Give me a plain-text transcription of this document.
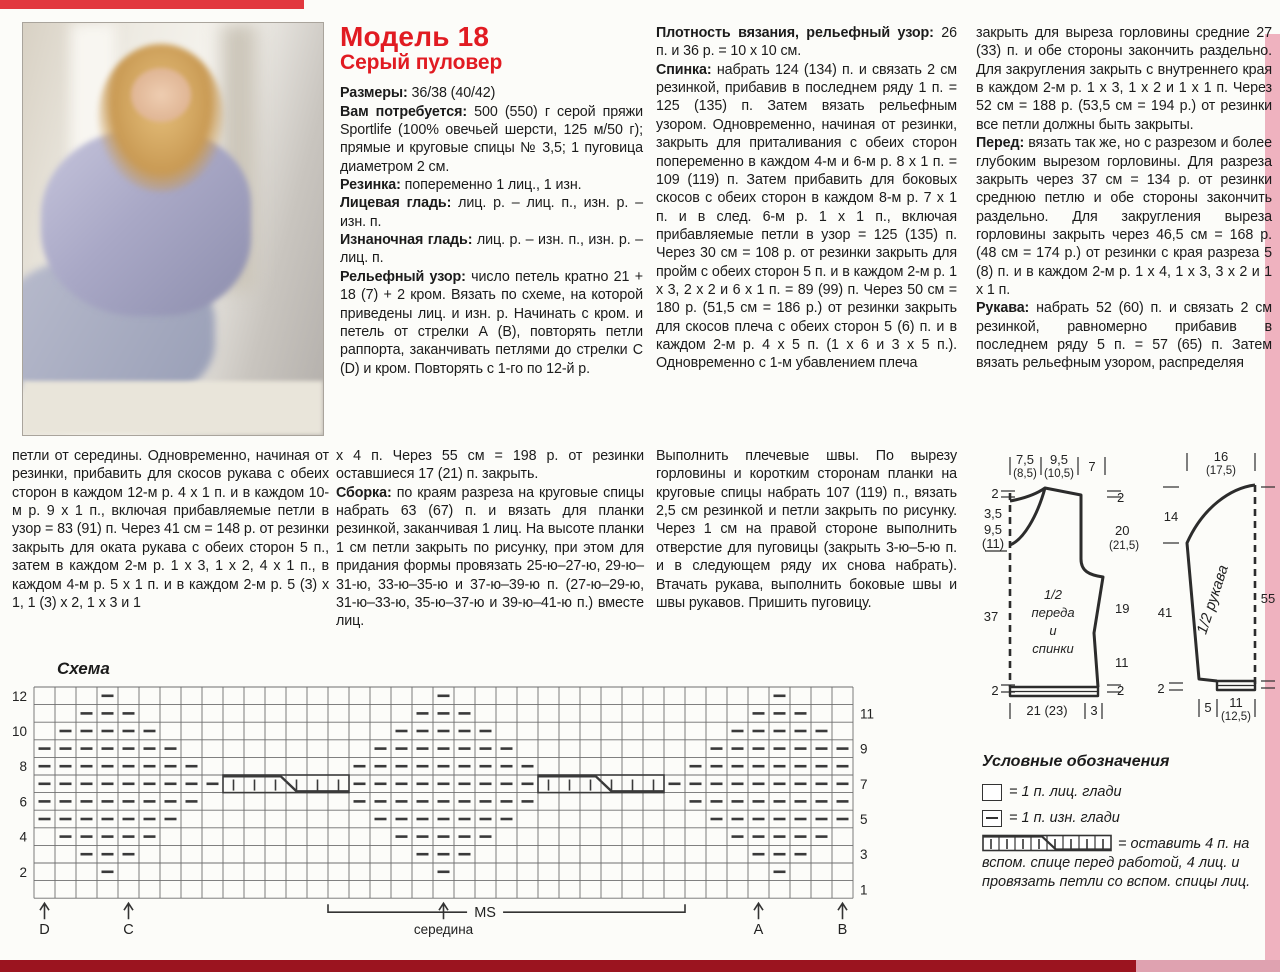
Модель 18
Серый пуловер

Размеры: 36/38 (40/42)

Вам потребуется: 500 (550) г серой пряжи Sportlife (100% овечьей шерсти, 125 м/50 г); прямые и круговые спицы № 3,5; 1 пуговица диаметром 2 см.

Резинка: попеременно 1 лиц., 1 изн.

Лицевая гладь: лиц. р. – лиц. п., изн. р. – изн. п.

Изнаночная гладь: лиц. р. – изн. п., изн. р. – лиц. п.

Рельефный узор: число петель кратно 21 + 18 (7) + 2 кром. Вязать по схеме, на которой приведены лиц. и изн. р. Начинать с кром. и петель от стрелки А (В), повторять петли раппорта, заканчивать петлями до стрелки С (D) и кром. Повторять с 1-го по 12-й р.

Плотность вязания, рельефный узор: 26 п. и 36 р. = 10 х 10 см.

Спинка: набрать 124 (134) п. и связать 2 см резинкой, прибавив в последнем ряду 1 п. = 125 (135) п. Затем вязать рельефным узором. Одновременно, начиная от резинки, закрыть для приталивания с обеих сторон попеременно в каждом 4-м и 6-м р. 8 х 1 п. = 109 (119) п. Затем прибавить для боковых скосов с обеих сторон в каждом 8-м р. 7 х 1 п. и в след. 6-м р. 1 х 1 п., включая прибавляемые петли в узор = 125 (135) п. Через 30 см = 108 р. от резинки закрыть для пройм с обеих сторон 5 п. и в каждом 2-м р. 1 х 3, 2 х 2 и 6 х 1 п. = 89 (99) п. Через 50 см = 180 р. (51,5 см = 186 р.) от резинки закрыть для скосов плеча с обеих сторон 5 (6) п. и в каждом 2-м р. 4 х 5 п. (1 х 6 и 3 х 5 п.). Одновременно с 1-м убавлением плеча

закрыть для выреза горловины средние 27 (33) п. и обе стороны закончить раздельно. Для закругления закрыть с внутреннего края в каждом 2-м р. 1 х 3, 1 х 2 и 1 х 1 п. Через 52 см = 188 р. (53,5 см = 194 р.) от резинки все петли должны быть закрыты.

Перед: вязать так же, но с разрезом и более глубоким вырезом горловины. Для разреза закрыть через 37 см = 134 р. от резинки среднюю петлю и обе стороны закончить раздельно. Для закругления выреза горловины закрыть через 46,5 см = 168 р. (48 см = 174 р.) от резинки с края разреза 5 (8) п. и в каждом 2-м р. 1 х 4, 1 х 3, 3 х 2 и 1 х 1 п.

Рукава: набрать 52 (60) п. и связать 2 см резинкой, равномерно прибавив в последнем ряду 5 п. = 57 (65) п. Затем вязать рельефным узором, распределяя

петли от середины. Одновременно, начиная от резинки, прибавить для скосов рукава с обеих сторон в каждом 12-м р. 4 х 1 п. и в каждом 10-м р. 9 х 1 п., включая прибавляемые петли в узор = 83 (91) п. Через 41 см = 148 р. от резинки закрыть для оката рукава с обеих сторон 5 п., затем в каждом 2-м р. 1 х 3, 1 х 2, 4 х 1 п., в каждом 4-м р. 5 х 1 п. и в каждом 2-м р. 5 (3) х 1, 1 (3) х 2, 1 х 3 и 1

х 4 п. Через 55 см = 198 р. от резинки оставшиеся 17 (21) п. закрыть.

Сборка: по краям разреза на круговые спицы набрать 63 (67) п. и вязать для планки резинкой, заканчивая 1 лиц. На высоте планки 1 см петли закрыть по рисунку, при этом для придания формы провязать 25-ю–27-ю, 29-ю–31-ю, 33-ю–35-ю и 37-ю–39-ю п. (27-ю–29-ю, 31-ю–33-ю, 35-ю–37-ю и 39-ю–41-ю п.) вместе лиц.

Выполнить плечевые швы. По вырезу горловины и коротким сторонам планки на круговые спицы набрать 107 (119) п., вязать 2,5 см резинкой и петли закрыть по рисунку. Через 1 см на правой стороне выполнить отверстие для пуговицы (закрыть 3-ю–5-ю п. и в следующем ряду их снова набрать). Втачать рукава, выполнить боковые швы и швы рукавов. Пришить пуговицу.

7,5
(8,5)
9,5
(10,5) 7
2
3,5
9,5
(11)
37
2
2
20
(21,5)
19
11
2
21 (23) 3
1/2
переда
и
спинки
16
(17,5)
14
41
2
55
5 11
(12,5)
1/2 рукава
Схема
12
10
8
6
4
2
11
9
7
5
3
1
D	C	середина	A	B
MS
Условные обозначения
= 1 п. лиц. глади
= 1 п. изн. глади
= оставить 4 п. на вспом. спице перед работой, 4 лиц. и провязать петли со вспом. спицы лиц.
